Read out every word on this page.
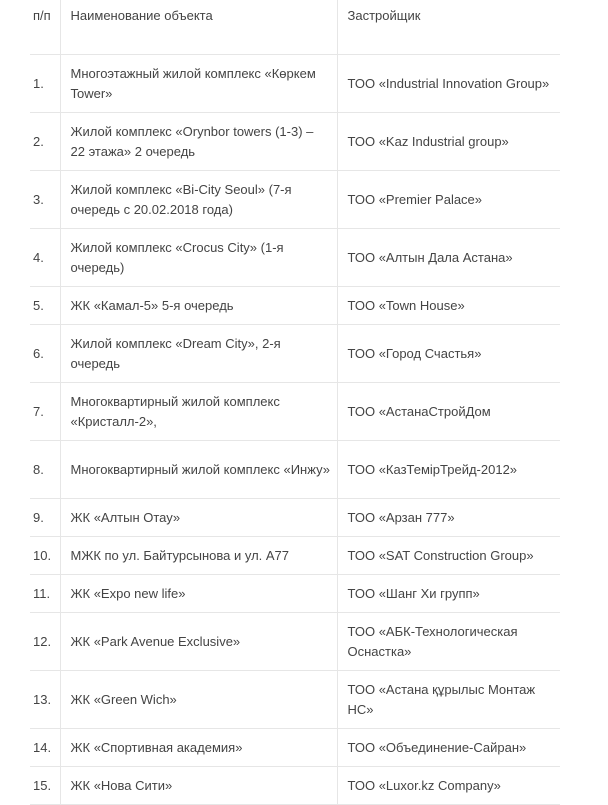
п/п	Наименование объекта	Застройщик
1.	Многоэтажный жилой комплекс «Көркем Tower»	ТОО «Industrial Innovation Group»
2.	Жилой комплекс «Orynbor towers (1-3) – 22 этажа» 2 очередь	ТОО «Kaz Industrial group»
3.	Жилой комплекс «Bi-City Seoul» (7-я очередь с 20.02.2018 года)	ТОО «Premier Palace»
4.	Жилой комплекс «Crocus City» (1-я очередь)	ТОО «Алтын Дала Астана»
5.	ЖК «Камал-5» 5-я очередь	ТОО «Town House»
6.	Жилой комплекс «Dream City», 2-я очередь	ТОО «Город Счастья»
7.	Многоквартирный жилой комплекс «Кристалл-2»,	ТОО «АстанаСтройДом
8.	Многоквартирный жилой комплекс «Инжу»	ТОО «КазТемірТрейд-2012»
9.	ЖК «Алтын Отау»	ТОО «Арзан 777»
10.	МЖК по ул. Байтурсынова и ул. А77	ТОО «SAT Construction Group»
11.	ЖК «Expo new life»	ТОО «Шанг Хи групп»
12.	ЖК «Park Avenue Exclusive»	ТОО «АБК-Технологическая Оснастка»
13.	ЖК «Green Wich»	ТОО «Астана құрылыс Монтаж НС»
14.	ЖК «Спортивная академия»	ТОО «Объединение-Сайран»
15.	ЖК «Нова Сити»	ТОО «Luxor.kz Company»
